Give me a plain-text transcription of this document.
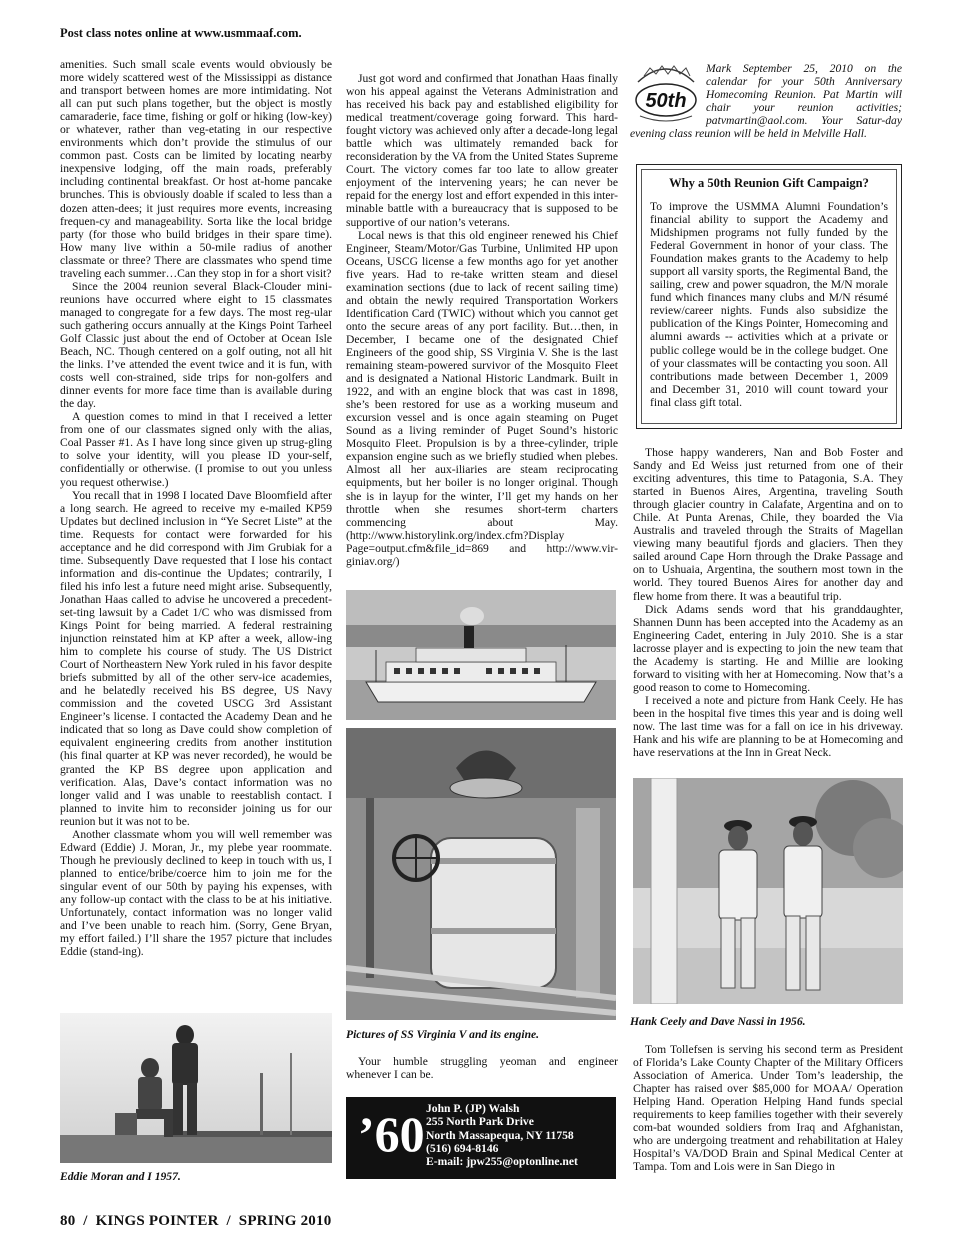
Post class notes online at www.usmmaaf.com.

amenities. Such small scale events would obviously be more widely scattered west of the Mississippi as distance and transport between homes are more intimidating. Not all can put such plans together, but the object is mostly camaraderie, face time, fishing or golf or hiking (low-key) or whatever, rather than veg-etating in our respective environments which don’t provide the stimulus of our common past. Costs can be limited by locating nearby inexpensive lodging, off the main roads, preferably including continental breakfast. Or host at-home pancake brunches. This is obviously doable if scaled to less than a dozen atten-dees; it just requires more events, increasing frequen-cy and manageability. Sorta like the local bridge party (for those who build bridges in their spare time). How many live within a 50-mile radius of another classmate or three? There are classmates who spend time traveling each summer…Can they stop in for a short visit?

Since the 2004 reunion several Black-Clouder mini-reunions have occurred where eight to 15 classmates managed to congregate for a few days. The most reg-ular such gathering occurs annually at the Kings Point Tarheel Golf Classic just about the end of October at Ocean Isle Beach, NC. Though centered on a golf outing, not all hit the links. I’ve attended the event twice and it is fun, with costs well con-strained, side trips for non-golfers and dinner events for more face time than is available during the day.

A question comes to mind in that I received a letter from one of our classmates signed only with the alias, Coal Passer #1. As I have long since given up strug-gling to solve your identity, will you please ID your-self, confidentially or otherwise. (I promise to out you unless you request otherwise.)

You recall that in 1998 I located Dave Bloomfield after a long search. He agreed to receive my e-mailed KP59 Updates but declined inclusion in “Ye Secret Liste” at the time. Requests for contact were forwarded for his acceptance and he did correspond with Jim Grubiak for a time. Subsequently Dave requested that I lose his contact information and dis-continue the Updates; contrarily, I filed his info lest a future need might arise. Subsequently, Jonathan Haas called to advise he uncovered a precedent-set-ting lawsuit by a Cadet 1/C who was dismissed from Kings Point for being married. A federal restraining injunction reinstated him at KP after a week, allow-ing him to complete his course of study. The US District Court of Northeastern New York ruled in his favor despite briefs submitted by all of the other serv-ice academies, and he belatedly received his BS degree, US Navy commission and the coveted USCG 3rd Assistant Engineer’s license. I contacted the Academy Dean and he indicated that so long as Dave could show completion of equivalent engineering credits from another institution (his final quarter at KP was never recorded), he would be granted the KP BS degree upon application and verification. Alas, Dave’s contact information was no longer valid and I was unable to reestablish contact. I planned to invite him to reconsider joining us for our reunion but it was not to be.

Another classmate whom you will well remember was Edward (Eddie) J. Moran, Jr., my plebe year roommate. Though he previously declined to keep in touch with us, I planned to entice/bribe/coerce him to join me for the singular event of our 50th by paying his expenses, with any follow-up contact with the class to be at his initiative. Unfortunately, contact information was no longer valid and I’ve been unable to reach him. (Sorry, Gene Bryan, my effort failed.) I’ll share the 1957 picture that includes Eddie (stand-ing).

Eddie Moran and I 1957.

Just got word and confirmed that Jonathan Haas finally won his appeal against the Veterans Administration and has received his back pay and established eligibility for medical treatment/coverage going forward. This hard-fought victory was achieved only after a decade-long legal battle which was ultimately remanded back for reconsideration by the VA from the United States Supreme Court. The victory comes far too late to allow greater enjoyment of the intervening years; he can never be repaid for the energy lost and effort expended in this inter-minable battle with a bureaucracy that is supposed to be supportive of our nation’s veterans.

Local news is that this old engineer renewed his Chief Engineer, Steam/Motor/Gas Turbine, Unlimited HP upon Oceans, USCG license a few months ago for yet another five years. Had to re-take written steam and diesel examination sections (due to lack of recent sailing time) and obtain the newly required Transportation Workers Identification Card (TWIC) without which you cannot get onto the secure areas of any port facility. But…then, in December, I became one of the designated Chief Engineers of the good ship, SS Virginia V. She is the last remaining steam-powered survivor of the Mosquito Fleet and is designated a National Historic Landmark. Built in 1922, and with an engine block that was cast in 1898, she’s been restored for use as a working museum and excursion vessel and is once again steaming on Puget Sound as a living reminder of Puget Sound’s historic Mosquito Fleet. Propulsion is by a three-cylinder, triple expansion engine such as we briefly studied when plebes. Almost all her aux-iliaries are steam reciprocating equipments, but her boiler is no longer original. Though she is in layup for the winter, I’ll get my hands on her throttle when she resumes short-term charters commencing about May. (http://www.historylink.org/index.cfm?Display Page=output.cfm&file_id=869 and http://www.vir-giniav.org/)

Pictures of SS Virginia V and its engine.

Your humble struggling yeoman and engineer whenever I can be.

’60 John P. (JP) Walsh
255 North Park Drive
North Massapequa, NY 11758
(516) 694-8146
E-mail: jpw255@optonline.net
50th
Mark September 25, 2010 on the calendar for your 50th Anniversary Homecoming Reunion. Pat Martin will chair your reunion activities; patvmartin@aol.com. Your Satur-day evening class reunion will be held in Melville Hall.
Why a 50th Reunion Gift Campaign?
To improve the USMMA Alumni Foundation’s financial ability to support the Academy and Midshipmen programs not fully funded by the Federal Government in honor of your class. The Foundation makes grants to the Academy to help support all varsity sports, the Regimental Band, the sailing, crew and power squadron, the M/N morale fund which finances many clubs and M/N résumé review/career nights. Funds also subsidize the publication of the Kings Pointer, Homecoming and alumni awards -- activities which at a private or public college would be in the college budget. One of your classmates will be contacting you soon. All contributions made between December 1, 2009 and December 31, 2010 will count toward your final class gift total.

Those happy wanderers, Nan and Bob Foster and Sandy and Ed Weiss just returned from one of their exciting adventures, this time to Patagonia, S.A. They started in Buenos Aires, Argentina, traveling South through glacier country in Calafate, Argentina and on to Chile. At Punta Arenas, Chile, they boarded the Via Australis and traveled through the Straits of Magellan viewing many beautiful fjords and glaciers. Then they sailed around Cape Horn through the Drake Passage and on to Ushuaia, Argentina, the southern most town in the world. They toured Buenos Aires for another day and flew home from there. It was a beautiful trip.

Dick Adams sends word that his granddaughter, Shannen Dunn has been accepted into the Academy as an Engineering Cadet, entering in July 2010. She is a star lacrosse player and is expecting to join the new team that the Academy is starting. He and Millie are looking forward to visiting with her at Homecoming. Now that’s a good reason to come to Homecoming.

I received a note and picture from Hank Ceely. He has been in the hospital five times this year and is doing well now. The last time was for a fall on ice in his driveway. Hank and his wife are planning to be at Homecoming and have reservations at the Inn in Great Neck.

Hank Ceely and Dave Nassi in 1956.

Tom Tollefsen is serving his second term as President of Florida’s Lake County Chapter of the Military Officers Association of America. Under Tom’s leadership, the Chapter has raised over $85,000 for MOAA/ Operation Helping Hand. Operation Helping Hand funds special requirements to keep families together with their severely com-bat wounded soldiers from Iraq and Afghanistan, who are undergoing treatment and rehabilitation at Haley Hospital’s VA/DOD Brain and Spinal Medical Center at Tampa. Tom and Lois were in San Diego in

80  /  KINGS POINTER  /  SPRING 2010
